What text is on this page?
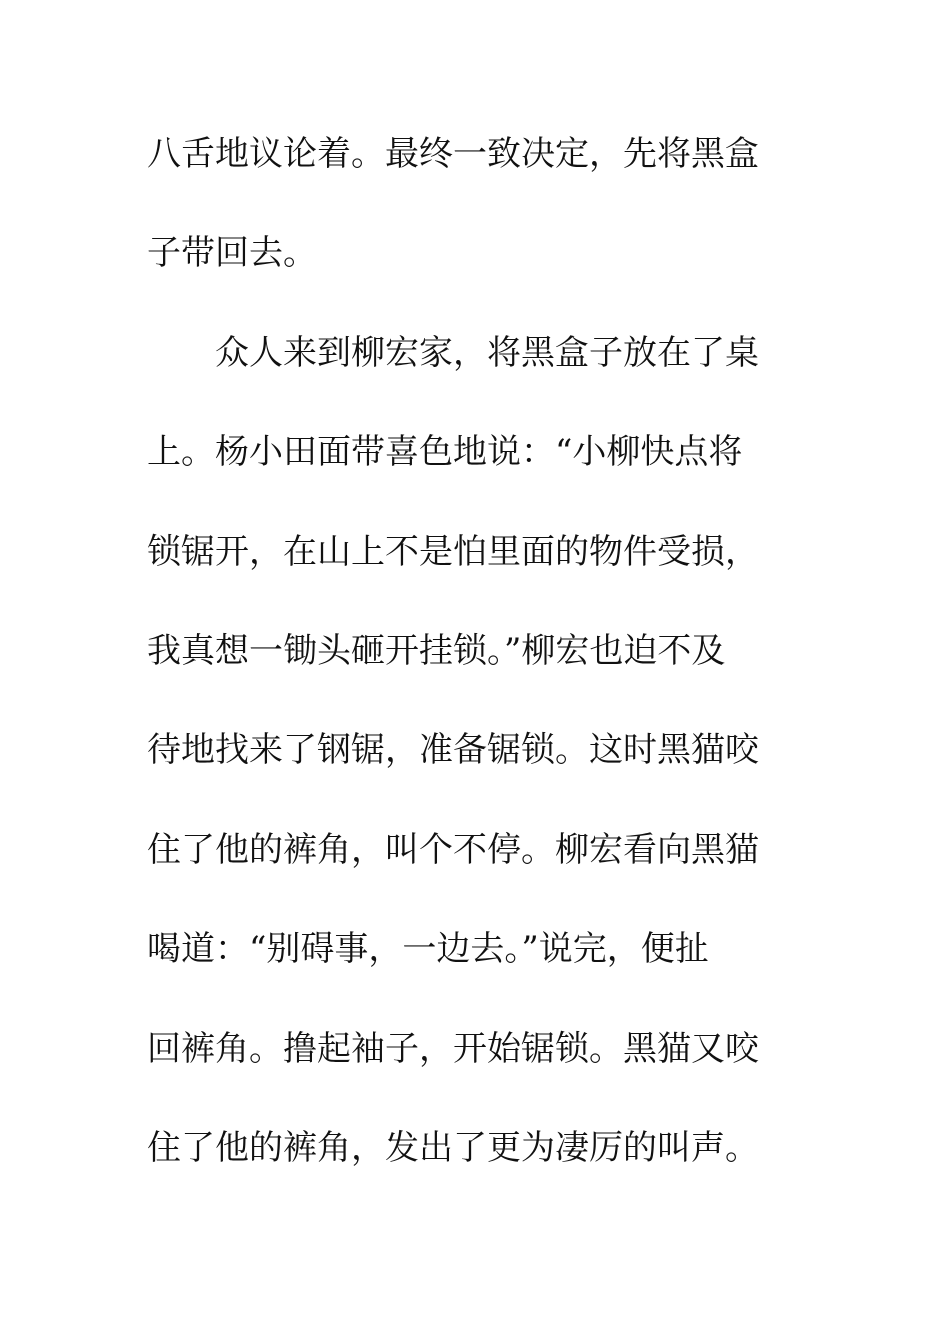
八舌地议论着。最终一致决定，先将黑盒
子带回去。
众人来到柳宏家，将黑盒子放在了桌
上。杨小田面带喜色地说：“小柳快点将
锁锯开，在山上不是怕里面的物件受损，
我真想一锄头砸开挂锁。”柳宏也迫不及
待地找来了钢锯，准备锯锁。这时黑猫咬
住了他的裤角，叫个不停。柳宏看向黑猫
喝道：“别碍事，一边去。”说完，便扯
回裤角。撸起袖子，开始锯锁。黑猫又咬
住了他的裤角，发出了更为凄厉的叫声。
